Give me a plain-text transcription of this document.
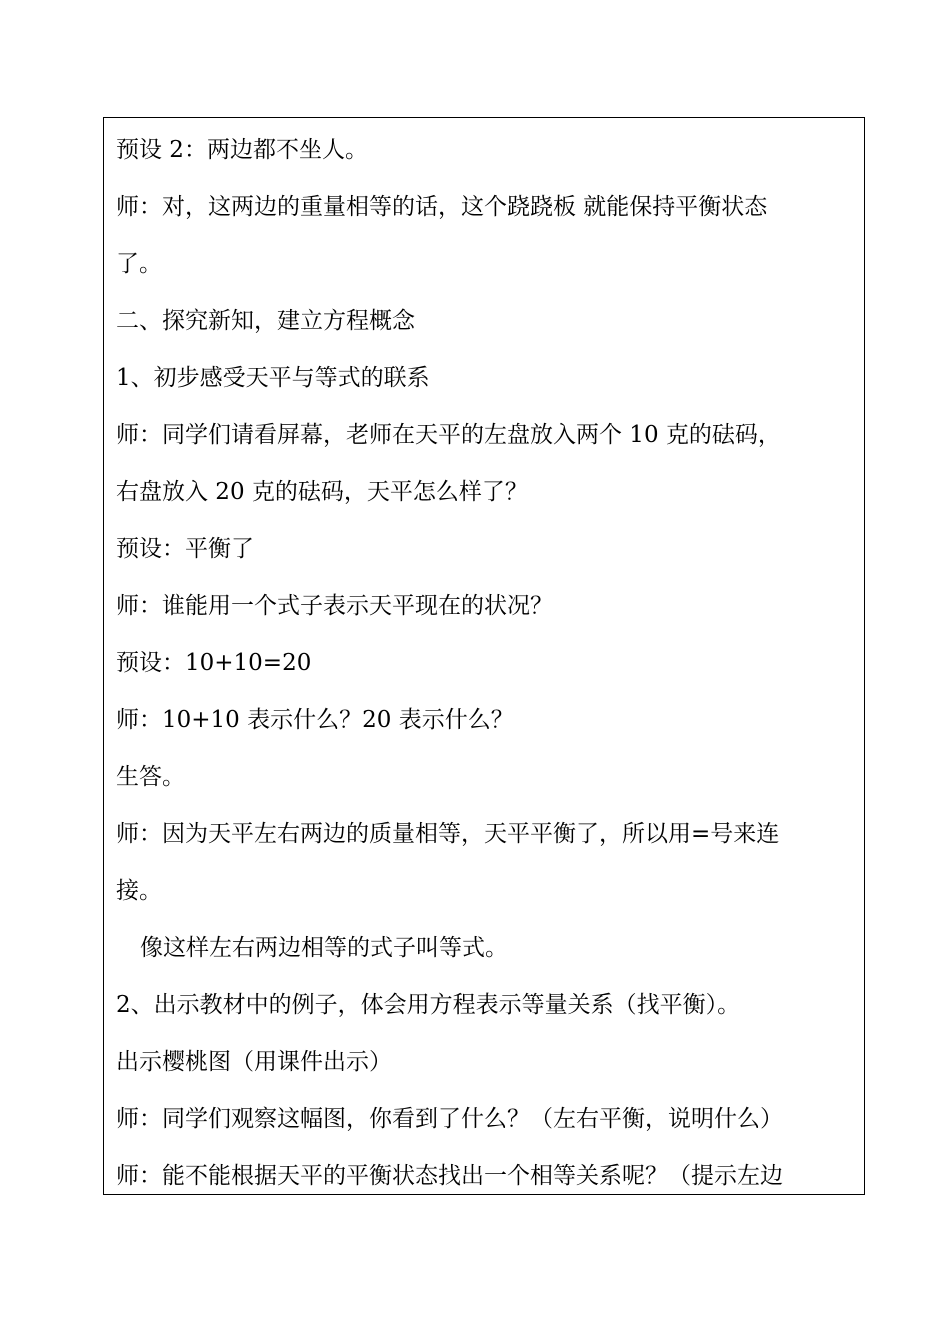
预设 2：两边都不坐人。

师：对，这两边的重量相等的话，这个跷跷板 就能保持平衡状态

了。

二、探究新知，建立方程概念

1、初步感受天平与等式的联系

师：同学们请看屏幕，老师在天平的左盘放入两个 10 克的砝码，

右盘放入 20 克的砝码，天平怎么样了？

预设：平衡了

师：谁能用一个式子表示天平现在的状况？

预设：10+10=20

师：10+10 表示什么？20 表示什么？

生答。

师：因为天平左右两边的质量相等，天平平衡了，所以用=号来连

接。

像这样左右两边相等的式子叫等式。

2、出示教材中的例子，体会用方程表示等量关系（找平衡）。

出示樱桃图（用课件出示）

师：同学们观察这幅图，你看到了什么？（左右平衡，说明什么）

师：能不能根据天平的平衡状态找出一个相等关系呢？（提示左边
